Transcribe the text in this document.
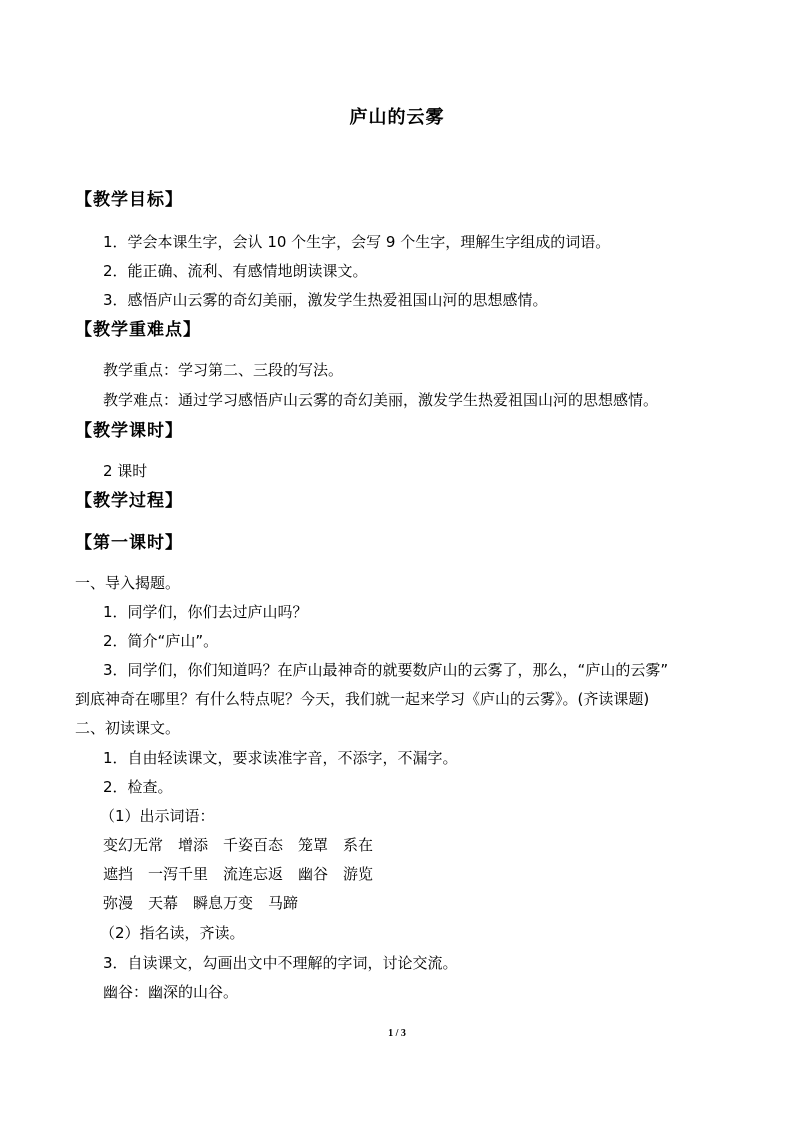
庐山的云雾
【教学目标】
1．学会本课生字，会认 10 个生字，会写 9 个生字，理解生字组成的词语。
2．能正确、流利、有感情地朗读课文。
3．感悟庐山云雾的奇幻美丽，激发学生热爱祖国山河的思想感情。
【教学重难点】
教学重点：学习第二、三段的写法。
教学难点：通过学习感悟庐山云雾的奇幻美丽，激发学生热爱祖国山河的思想感情。
【教学课时】
2 课时
【教学过程】
【第一课时】
一、导入揭题。
1．同学们，你们去过庐山吗？
2．简介“庐山”。
3．同学们，你们知道吗？在庐山最神奇的就要数庐山的云雾了，那么，“庐山的云雾”
到底神奇在哪里？有什么特点呢？今天，我们就一起来学习《庐山的云雾》。(齐读课题)
二、初读课文。
1．自由轻读课文，要求读准字音，不添字，不漏字。
2．检查。
（1）出示词语：
变幻无常　增添　千姿百态　笼罩　系在
遮挡　一泻千里　流连忘返　幽谷　游览
弥漫　天幕　瞬息万变　马蹄
（2）指名读，齐读。
3．自读课文，勾画出文中不理解的字词，讨论交流。
幽谷：幽深的山谷。
1 / 3
